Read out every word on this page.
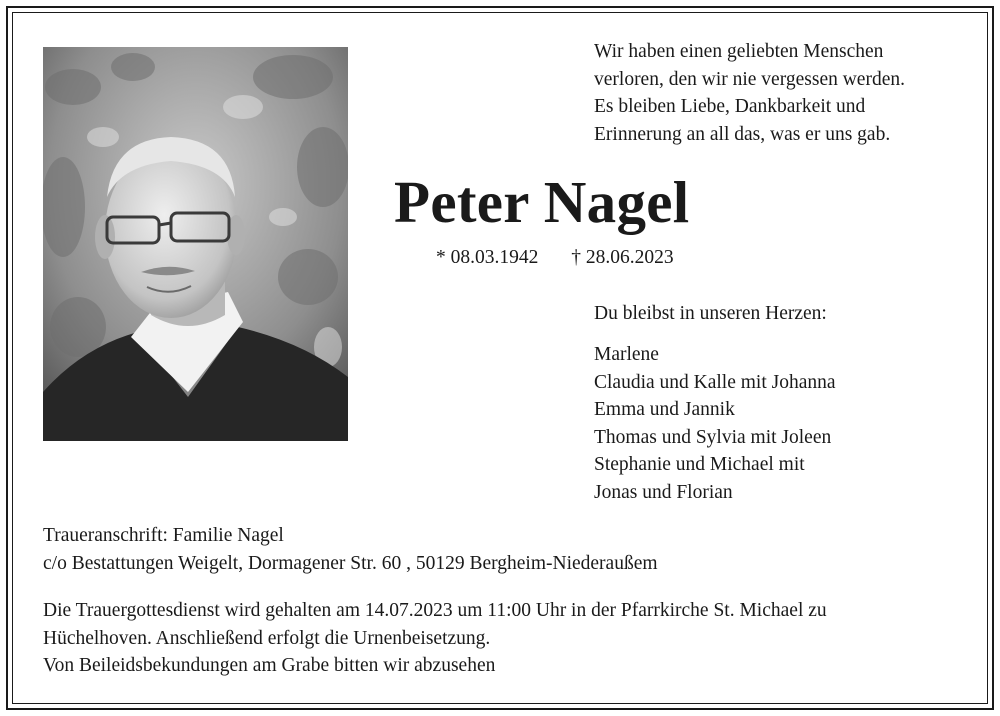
Wir haben einen geliebten Menschen
verloren, den wir nie vergessen werden.
Es bleiben Liebe, Dankbarkeit und
Erinnerung an all das, was er uns gab.
Peter Nagel
* 08.03.1942 † 28.06.2023
Du bleibst in unseren Herzen:
Marlene
Claudia und Kalle mit Johanna
Emma und Jannik
Thomas und Sylvia mit Joleen
Stephanie und Michael mit
Jonas und Florian
Traueranschrift: Familie Nagel
c/o Bestattungen Weigelt, Dormagener Str. 60 , 50129 Bergheim-Niederaußem
Die Trauergottesdienst wird gehalten am 14.07.2023 um 11:00 Uhr in der Pfarrkirche St. Michael zu
Hüchelhoven. Anschließend erfolgt die Urnenbeisetzung.
Von Beileidsbekundungen am Grabe bitten wir abzusehen
